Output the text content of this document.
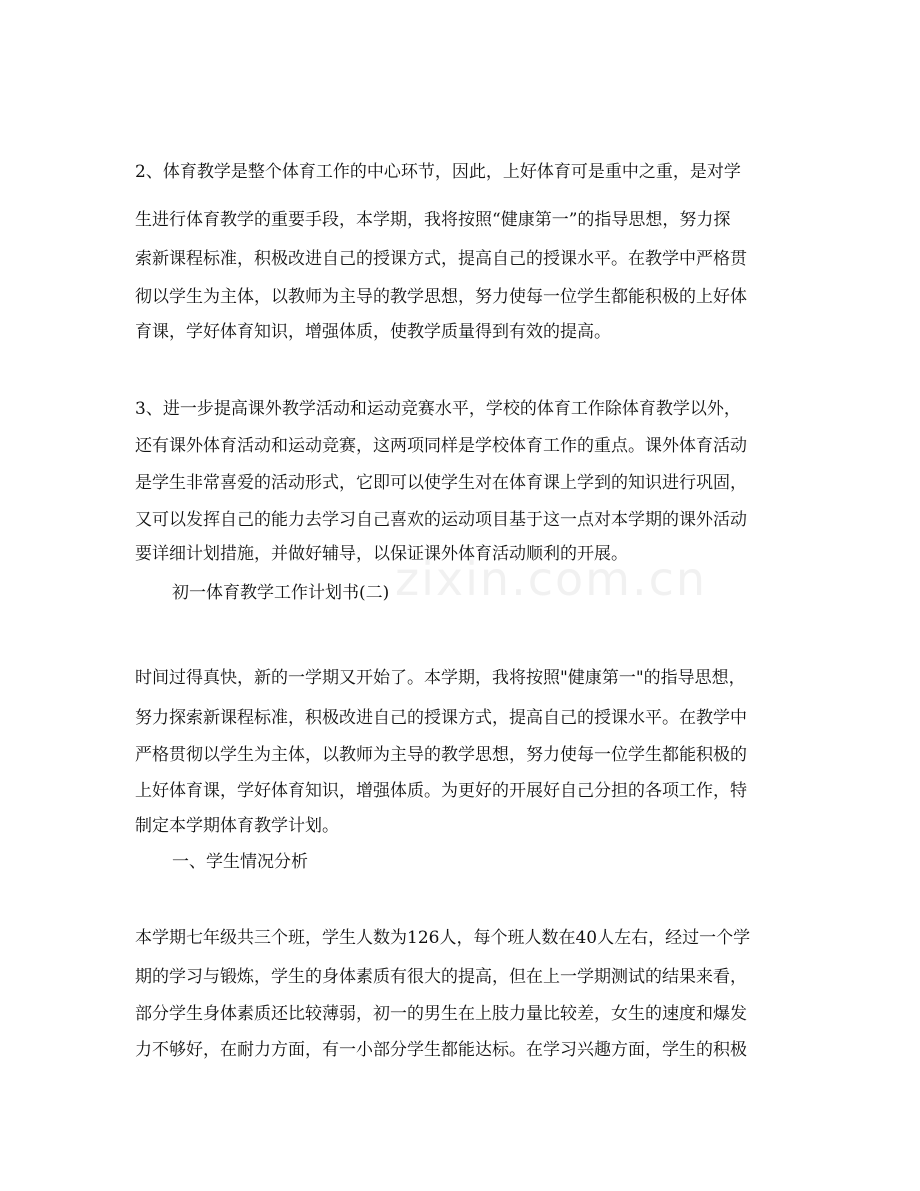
zixin.com.cn
2、体育教学是整个体育工作的中心环节，因此，上好体育可是重中之重，是对学
生进行体育教学的重要手段，本学期，我将按照“健康第一”的指导思想，努力探
索新课程标准，积极改进自己的授课方式，提高自己的授课水平。在教学中严格贯
彻以学生为主体，以教师为主导的教学思想，努力使每一位学生都能积极的上好体
育课，学好体育知识，增强体质，使教学质量得到有效的提高。
3、进一步提高课外教学活动和运动竞赛水平，学校的体育工作除体育教学以外，
还有课外体育活动和运动竞赛，这两项同样是学校体育工作的重点。课外体育活动
是学生非常喜爱的活动形式，它即可以使学生对在体育课上学到的知识进行巩固，
又可以发挥自己的能力去学习自己喜欢的运动项目基于这一点对本学期的课外活动
要详细计划措施，并做好辅导，以保证课外体育活动顺利的开展。
初一体育教学工作计划书(二)
时间过得真快，新的一学期又开始了。本学期，我将按照"健康第一"的指导思想，
努力探索新课程标准，积极改进自己的授课方式，提高自己的授课水平。在教学中
严格贯彻以学生为主体，以教师为主导的教学思想，努力使每一位学生都能积极的
上好体育课，学好体育知识，增强体质。为更好的开展好自己分担的各项工作，特
制定本学期体育教学计划。
一、学生情况分析
本学期七年级共三个班，学生人数为126人，每个班人数在40人左右，经过一个学
期的学习与锻炼，学生的身体素质有很大的提高，但在上一学期测试的结果来看，
部分学生身体素质还比较薄弱，初一的男生在上肢力量比较差，女生的速度和爆发
力不够好，在耐力方面，有一小部分学生都能达标。在学习兴趣方面，学生的积极
